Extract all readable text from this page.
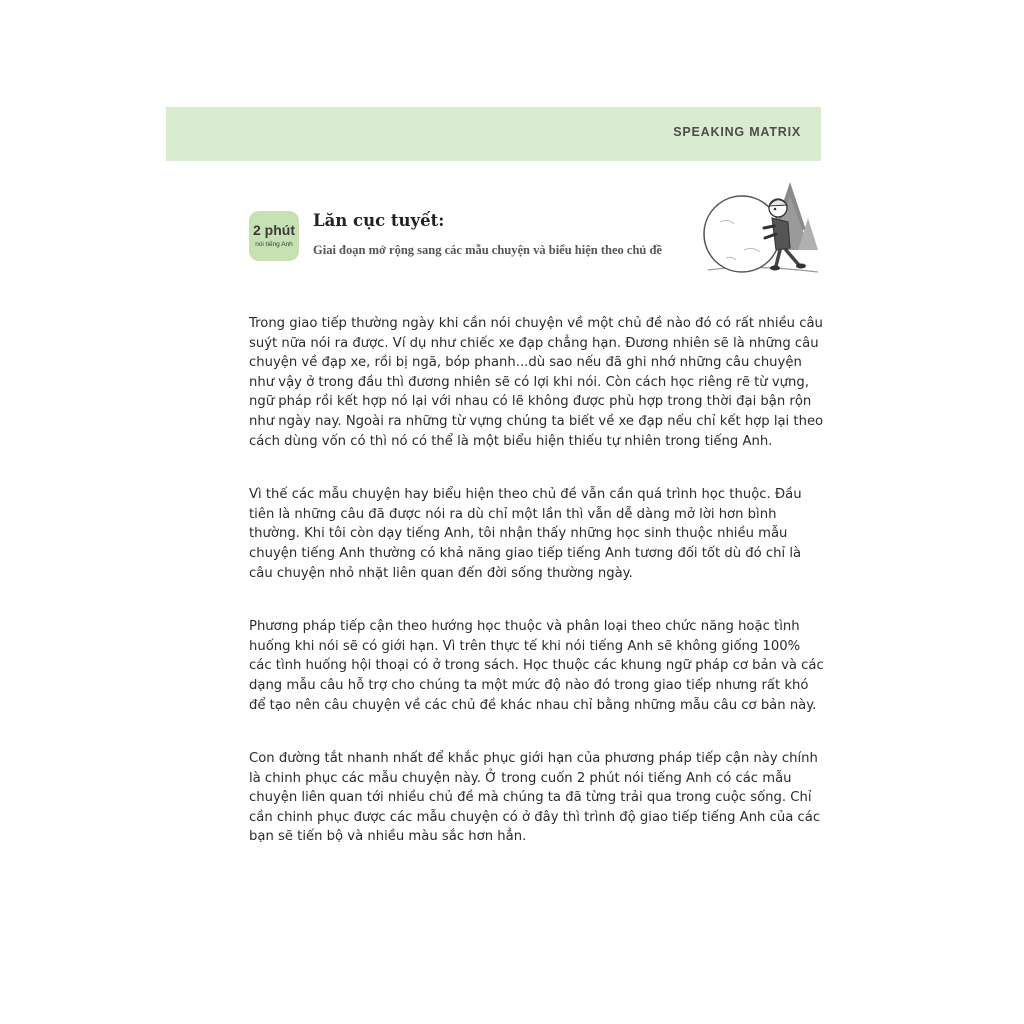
SPEAKING MATRIX
2 phút
nói tiếng Anh
Lăn cục tuyết:
Giai đoạn mở rộng sang các mẫu chuyện và biểu hiện theo chủ đề

Trong giao tiếp thường ngày khi cần nói chuyện về một chủ đề nào đó có rất nhiều câu suýt nữa nói ra được. Ví dụ như chiếc xe đạp chẳng hạn. Đương nhiên sẽ là những câu chuyện về đạp xe, rồi bị ngã, bóp phanh...dù sao nếu đã ghi nhớ những câu chuyện như vậy ở trong đầu thì đương nhiên sẽ có lợi khi nói. Còn cách học riêng rẽ từ vựng, ngữ pháp rồi kết hợp nó lại với nhau có lẽ không được phù hợp trong thời đại bận rộn như ngày nay. Ngoài ra những từ vựng chúng ta biết về xe đạp nếu chỉ kết hợp lại theo cách dùng vốn có thì nó có thể là một biểu hiện thiếu tự nhiên trong tiếng Anh.

Vì thế các mẫu chuyện hay biểu hiện theo chủ đề vẫn cần quá trình học thuộc. Đầu tiên là những câu đã được nói ra dù chỉ một lần thì vẫn dễ dàng mở lời hơn bình thường. Khi tôi còn dạy tiếng Anh, tôi nhận thấy những học sinh thuộc nhiều mẫu chuyện tiếng Anh thường có khả năng giao tiếp tiếng Anh tương đối tốt dù đó chỉ là câu chuyện nhỏ nhặt liên quan đến đời sống thường ngày.

Phương pháp tiếp cận theo hướng học thuộc và phân loại theo chức năng hoặc tình huống khi nói sẽ có giới hạn. Vì trên thực tế khi nói tiếng Anh sẽ không giống 100% các tình huống hội thoại có ở trong sách. Học thuộc các khung ngữ pháp cơ bản và các dạng mẫu câu hỗ trợ cho chúng ta một mức độ nào đó trong giao tiếp nhưng rất khó để tạo nên câu chuyện về các chủ đề khác nhau chỉ bằng những mẫu câu cơ bản này.

Con đường tắt nhanh nhất để khắc phục giới hạn của phương pháp tiếp cận này chính là chinh phục các mẫu chuyện này. Ở trong cuốn 2 phút nói tiếng Anh có các mẫu chuyện liên quan tới nhiều chủ đề mà chúng ta đã từng trải qua trong cuộc sống. Chỉ cần chinh phục được các mẫu chuyện có ở đây thì trình độ giao tiếp tiếng Anh của các bạn sẽ tiến bộ và nhiều màu sắc hơn hẳn.
